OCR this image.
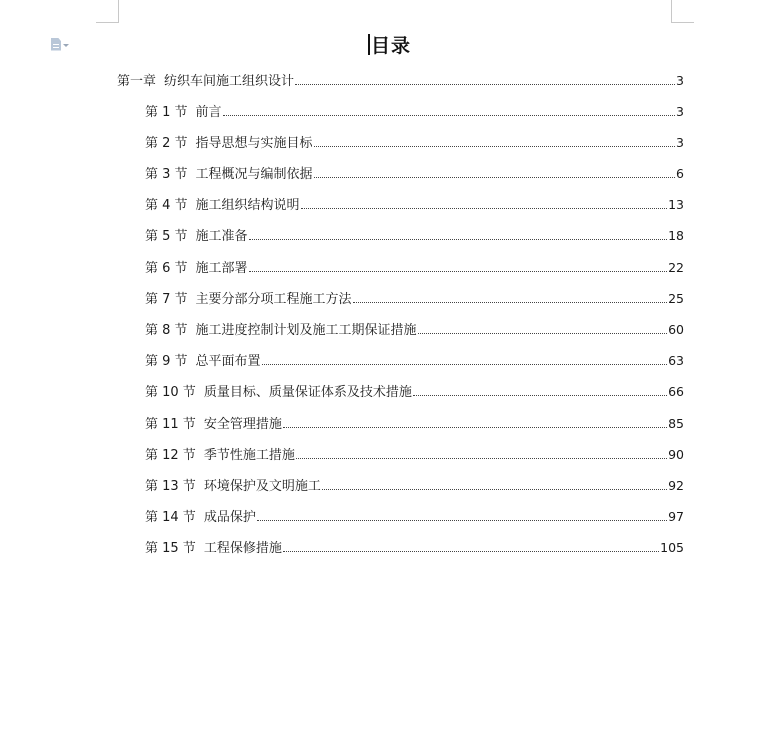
目录
第一章 纺织车间施工组织设计	3
第 1 节 前言	3
第 2 节 指导思想与实施目标	3
第 3 节 工程概况与编制依据	6
第 4 节 施工组织结构说明	13
第 5 节 施工准备	18
第 6 节 施工部署	22
第 7 节 主要分部分项工程施工方法	25
第 8 节 施工进度控制计划及施工工期保证措施	60
第 9 节 总平面布置	63
第 10 节 质量目标、质量保证体系及技术措施	66
第 11 节 安全管理措施	85
第 12 节 季节性施工措施	90
第 13 节 环境保护及文明施工	92
第 14 节 成品保护	97
第 15 节 工程保修措施	105
